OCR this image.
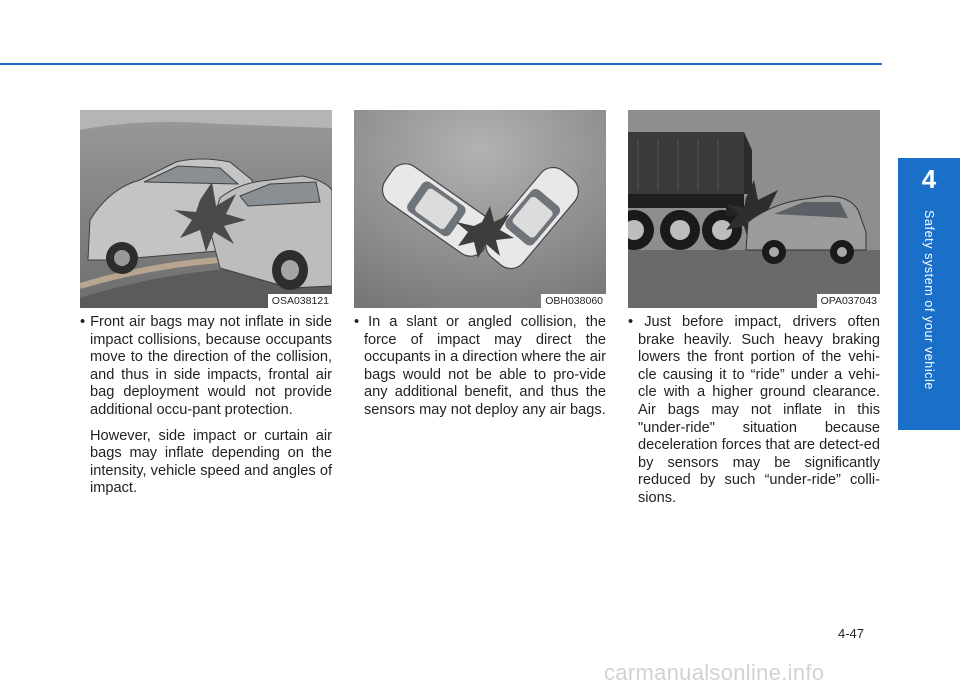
4
Safety system of your vehicle
OSA038121	OBH038060	OPA037043

• Front air bags may not inflate in side impact collisions, because occupants move to the direction of the collision, and thus in side impacts, frontal air bag deployment would not provide additional occu-pant protection.

However, side impact or curtain air bags may inflate depending on the intensity, vehicle speed and angles of impact.

• In a slant or angled collision, the force of impact may direct the occupants in a direction where the air bags would not be able to pro-vide any additional benefit, and thus the sensors may not deploy any air bags.

• Just before impact, drivers often brake heavily. Such heavy braking lowers the front portion of the vehi-cle causing it to “ride” under a vehi-cle with a higher ground clearance. Air bags may not inflate in this "under-ride" situation because deceleration forces that are detect-ed by sensors may be significantly reduced by such “under-ride” colli-sions.

4-47
carmanualsonline.info
